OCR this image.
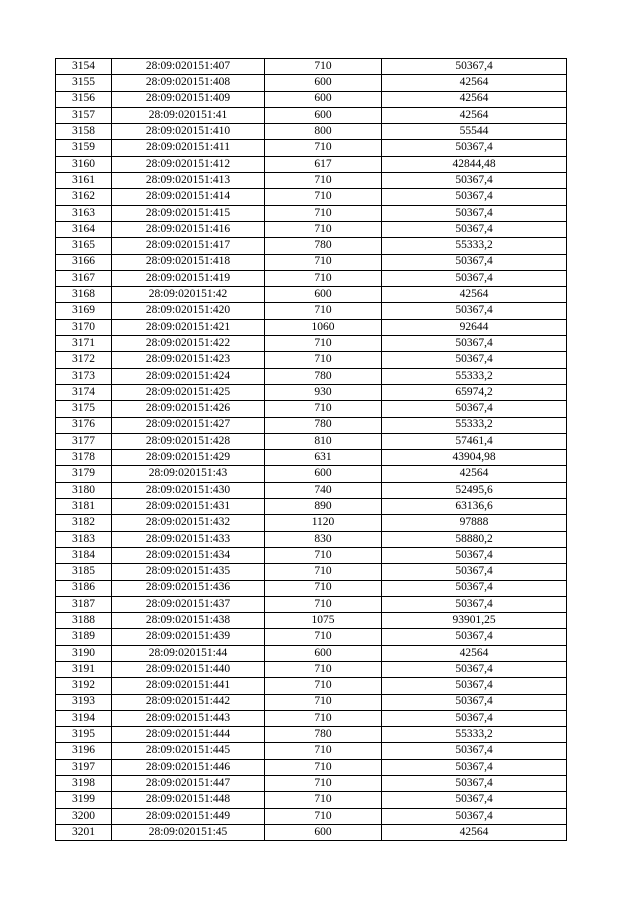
3154	28:09:020151:407	710	50367,4
3155	28:09:020151:408	600	42564
3156	28:09:020151:409	600	42564
3157	28:09:020151:41	600	42564
3158	28:09:020151:410	800	55544
3159	28:09:020151:411	710	50367,4
3160	28:09:020151:412	617	42844,48
3161	28:09:020151:413	710	50367,4
3162	28:09:020151:414	710	50367,4
3163	28:09:020151:415	710	50367,4
3164	28:09:020151:416	710	50367,4
3165	28:09:020151:417	780	55333,2
3166	28:09:020151:418	710	50367,4
3167	28:09:020151:419	710	50367,4
3168	28:09:020151:42	600	42564
3169	28:09:020151:420	710	50367,4
3170	28:09:020151:421	1060	92644
3171	28:09:020151:422	710	50367,4
3172	28:09:020151:423	710	50367,4
3173	28:09:020151:424	780	55333,2
3174	28:09:020151:425	930	65974,2
3175	28:09:020151:426	710	50367,4
3176	28:09:020151:427	780	55333,2
3177	28:09:020151:428	810	57461,4
3178	28:09:020151:429	631	43904,98
3179	28:09:020151:43	600	42564
3180	28:09:020151:430	740	52495,6
3181	28:09:020151:431	890	63136,6
3182	28:09:020151:432	1120	97888
3183	28:09:020151:433	830	58880,2
3184	28:09:020151:434	710	50367,4
3185	28:09:020151:435	710	50367,4
3186	28:09:020151:436	710	50367,4
3187	28:09:020151:437	710	50367,4
3188	28:09:020151:438	1075	93901,25
3189	28:09:020151:439	710	50367,4
3190	28:09:020151:44	600	42564
3191	28:09:020151:440	710	50367,4
3192	28:09:020151:441	710	50367,4
3193	28:09:020151:442	710	50367,4
3194	28:09:020151:443	710	50367,4
3195	28:09:020151:444	780	55333,2
3196	28:09:020151:445	710	50367,4
3197	28:09:020151:446	710	50367,4
3198	28:09:020151:447	710	50367,4
3199	28:09:020151:448	710	50367,4
3200	28:09:020151:449	710	50367,4
3201	28:09:020151:45	600	42564
